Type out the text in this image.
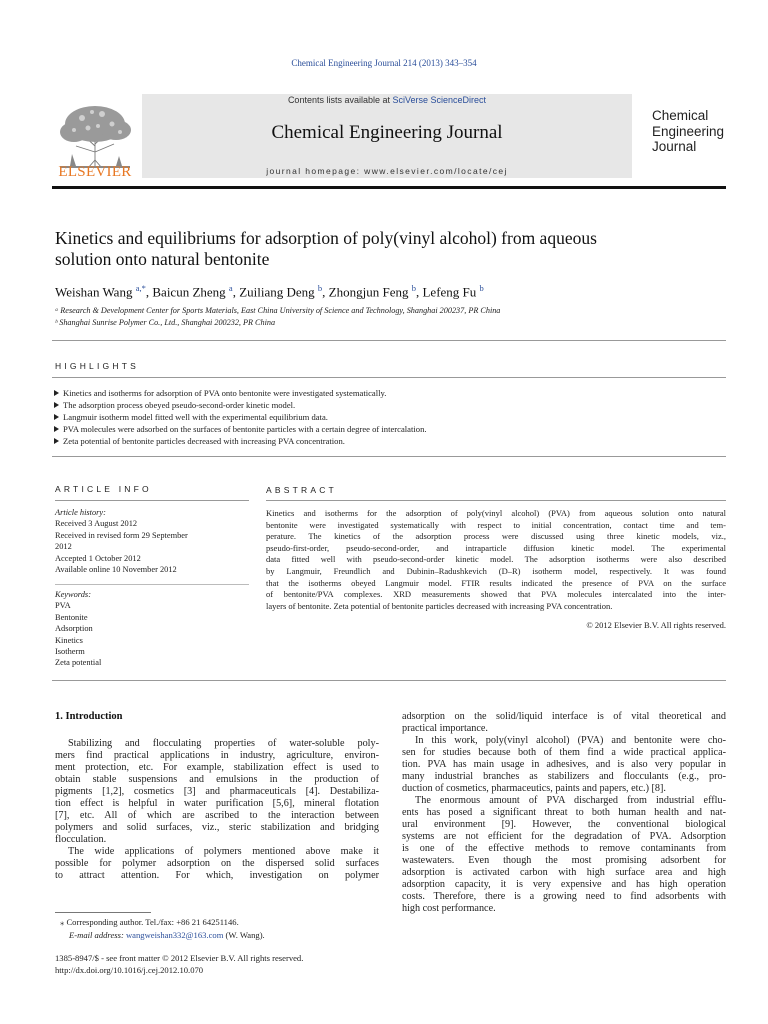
Chemical Engineering Journal 214 (2013) 343–354
ELSEVIER
Contents lists available at SciVerse ScienceDirect
Chemical Engineering Journal
journal homepage: www.elsevier.com/locate/cej
Chemical
Engineering
Journal
Kinetics and equilibriums for adsorption of poly(vinyl alcohol) from aqueous
solution onto natural bentonite
Weishan Wang $^{a,*}$, Baicun Zheng $^a$, Zuiliang Deng $^b$, Zhongjun Feng $^b$, Lefeng Fu $^b$
ᵃ Research & Development Center for Sports Materials, East China University of Science and Technology, Shanghai 200237, PR China
ᵇ Shanghai Sunrise Polymer Co., Ltd., Shanghai 200232, PR China
HIGHLIGHTS
Kinetics and isotherms for adsorption of PVA onto bentonite were investigated systematically.
The adsorption process obeyed pseudo-second-order kinetic model.
Langmuir isotherm model fitted well with the experimental equilibrium data.
PVA molecules were adsorbed on the surfaces of bentonite particles with a certain degree of intercalation.
Zeta potential of bentonite particles decreased with increasing PVA concentration.
ARTICLE INFO	ABSTRACT
Article history:
Received 3 August 2012
Received in revised form 29 September
2012
Accepted 1 October 2012
Available online 10 November 2012
Keywords:
PVA
Bentonite
Adsorption
Kinetics
Isotherm
Zeta potential
Kinetics and isotherms for the adsorption of poly(vinyl alcohol) (PVA) from aqueous solution onto natural
bentonite were investigated systematically with respect to initial concentration, contact time and tem-
perature. The kinetics of the adsorption process were discussed using three kinetic models, viz.,
pseudo-first-order, pseudo-second-order, and intraparticle diffusion kinetic model. The experimental
data fitted well with pseudo-second-order kinetic model. The adsorption isotherms were also described
by Langmuir, Freundlich and Dubinin–Radushkevich (D–R) isotherm model, respectively. It was found
that the isotherms obeyed Langmuir model. FTIR results indicated the presence of PVA on the surface
of bentonite/PVA complexes. XRD measurements showed that PVA molecules intercalated into the inter-
layers of bentonite. Zeta potential of bentonite particles decreased with increasing PVA concentration.
© 2012 Elsevier B.V. All rights reserved.
1. Introduction
Stabilizing and flocculating properties of water-soluble poly-
mers find practical applications in industry, agriculture, environ-
ment protection, etc. For example, stabilization effect is used to
obtain stable suspensions and emulsions in the production of
pigments [1,2], cosmetics [3] and pharmaceuticals [4]. Destabiliza-
tion effect is helpful in water purification [5,6], mineral flotation
[7], etc. All of which are ascribed to the interaction between
polymers and solid surfaces, viz., steric stabilization and bridging
flocculation.
The wide applications of polymers mentioned above make it
possible for polymer adsorption on the dispersed solid surfaces
to attract attention. For which, investigation on polymer
adsorption on the solid/liquid interface is of vital theoretical and
practical importance.
In this work, poly(vinyl alcohol) (PVA) and bentonite were cho-
sen for studies because both of them find a wide practical applica-
tion. PVA has main usage in adhesives, and is also very popular in
many industrial branches as stabilizers and flocculants (e.g., pro-
duction of cosmetics, pharmaceutics, paints and papers, etc.) [8].
The enormous amount of PVA discharged from industrial efflu-
ents has posed a significant threat to both human health and nat-
ural environment [9]. However, the conventional biological
systems are not efficient for the degradation of PVA. Adsorption
is one of the effective methods to remove contaminants from
wastewaters. Even though the most promising adsorbent for
adsorption is activated carbon with high surface area and high
adsorption capacity, it is very expensive and has high operation
costs. Therefore, there is a growing need to find adsorbents with
high cost performance.
⁎ Corresponding author. Tel./fax: +86 21 64251146.
E-mail address: wangweishan332@163.com (W. Wang).
1385-8947/$ - see front matter © 2012 Elsevier B.V. All rights reserved.
http://dx.doi.org/10.1016/j.cej.2012.10.070
